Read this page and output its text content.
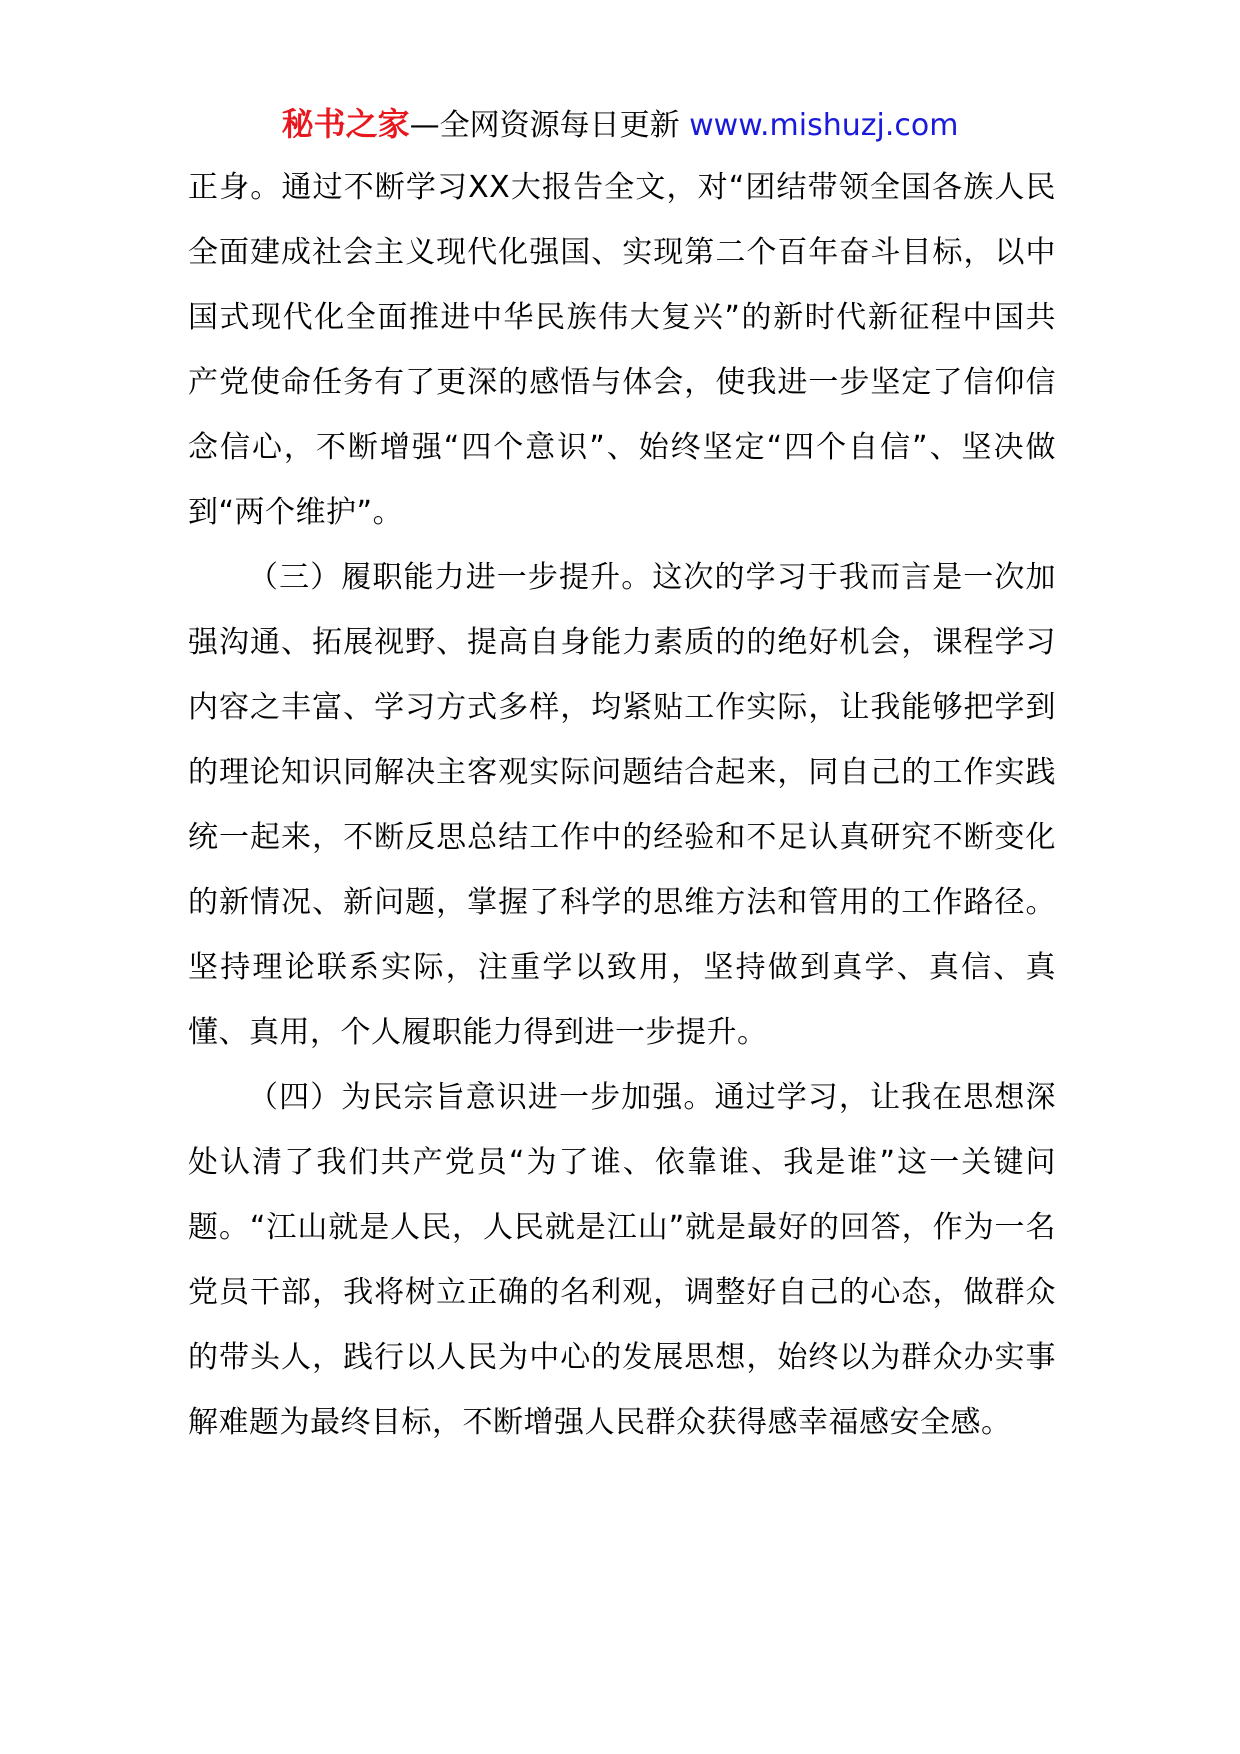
秘书之家—全网资源每日更新 www.mishuzj.com

正身。通过不断学习XX大报告全文，对“团结带领全国各族人民全面建成社会主义现代化强国、实现第二个百年奋斗目标，以中国式现代化全面推进中华民族伟大复兴”的新时代新征程中国共产党使命任务有了更深的感悟与体会，使我进一步坚定了信仰信念信心，不断增强“四个意识”、始终坚定“四个自信”、坚决做到“两个维护”。

（三）履职能力进一步提升。这次的学习于我而言是一次加强沟通、拓展视野、提高自身能力素质的的绝好机会，课程学习内容之丰富、学习方式多样，均紧贴工作实际，让我能够把学到的理论知识同解决主客观实际问题结合起来，同自己的工作实践统一起来，不断反思总结工作中的经验和不足认真研究不断变化的新情况、新问题，掌握了科学的思维方法和管用的工作路径。坚持理论联系实际，注重学以致用，坚持做到真学、真信、真懂、真用，个人履职能力得到进一步提升。

（四）为民宗旨意识进一步加强。通过学习，让我在思想深处认清了我们共产党员“为了谁、依靠谁、我是谁”这一关键问题。“江山就是人民，人民就是江山”就是最好的回答，作为一名党员干部，我将树立正确的名利观，调整好自己的心态，做群众的带头人，践行以人民为中心的发展思想，始终以为群众办实事解难题为最终目标，不断增强人民群众获得感幸福感安全感。
